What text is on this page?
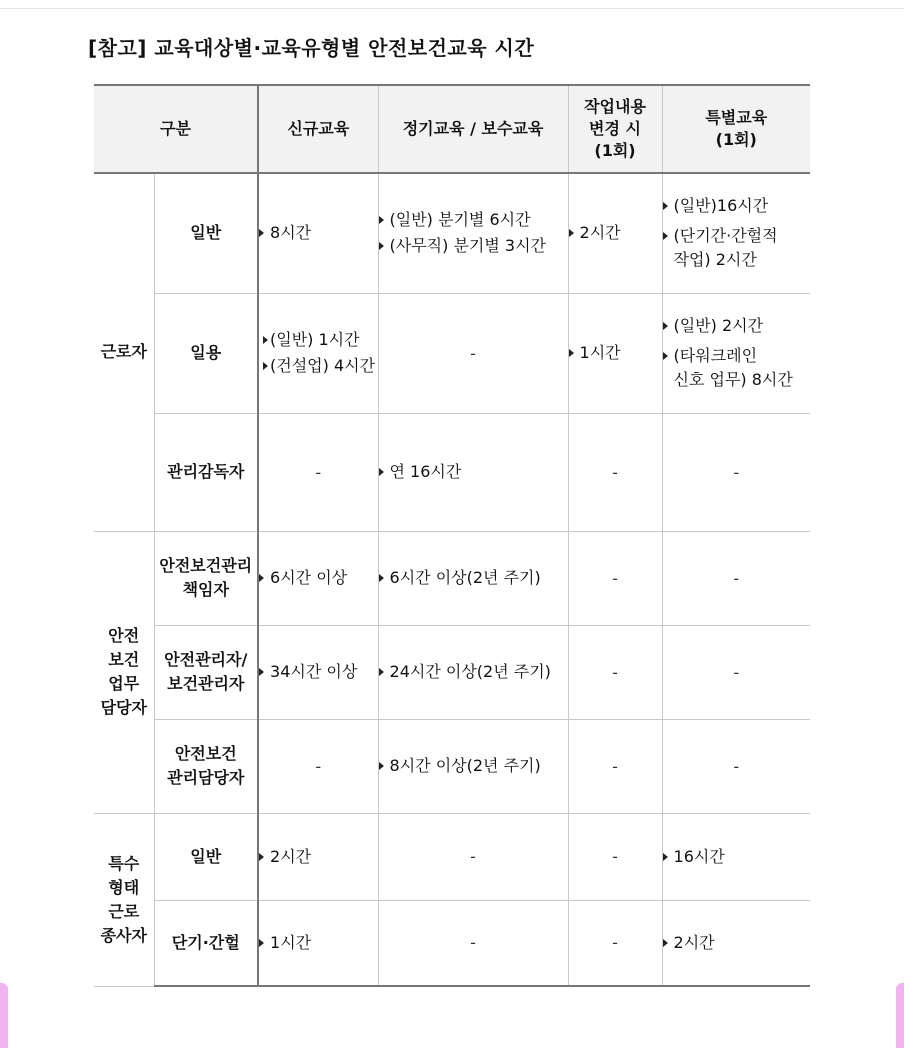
[참고] 교육대상별·교육유형별 안전보건교육 시간
구분		신규교육	정기교육 / 보수교육	작업내용
변경 시
(1회)	특별교육
(1회)

근로자	일반	8시간	(일반) 분기별 6시간
(사무직) 분기별 3시간	2시간	(일반)16시간
(단기간·간헐적
작업) 2시간

	일용	(일반) 1시간
(건설업) 4시간	-	1시간	(일반) 2시간
(타워크레인
신호 업무) 8시간

	관리감독자	-	연 16시간	-	-

안전
보건
업무
담당자	안전보건관리
책임자	6시간 이상	6시간 이상(2년 주기)	-	-

	안전관리자/
보건관리자	34시간 이상	24시간 이상(2년 주기)	-	-

	안전보건
관리담당자	-	8시간 이상(2년 주기)	-	-

특수
형태
근로
종사자	일반	2시간	-	-	16시간

	단기·간헐	1시간	-	-	2시간
